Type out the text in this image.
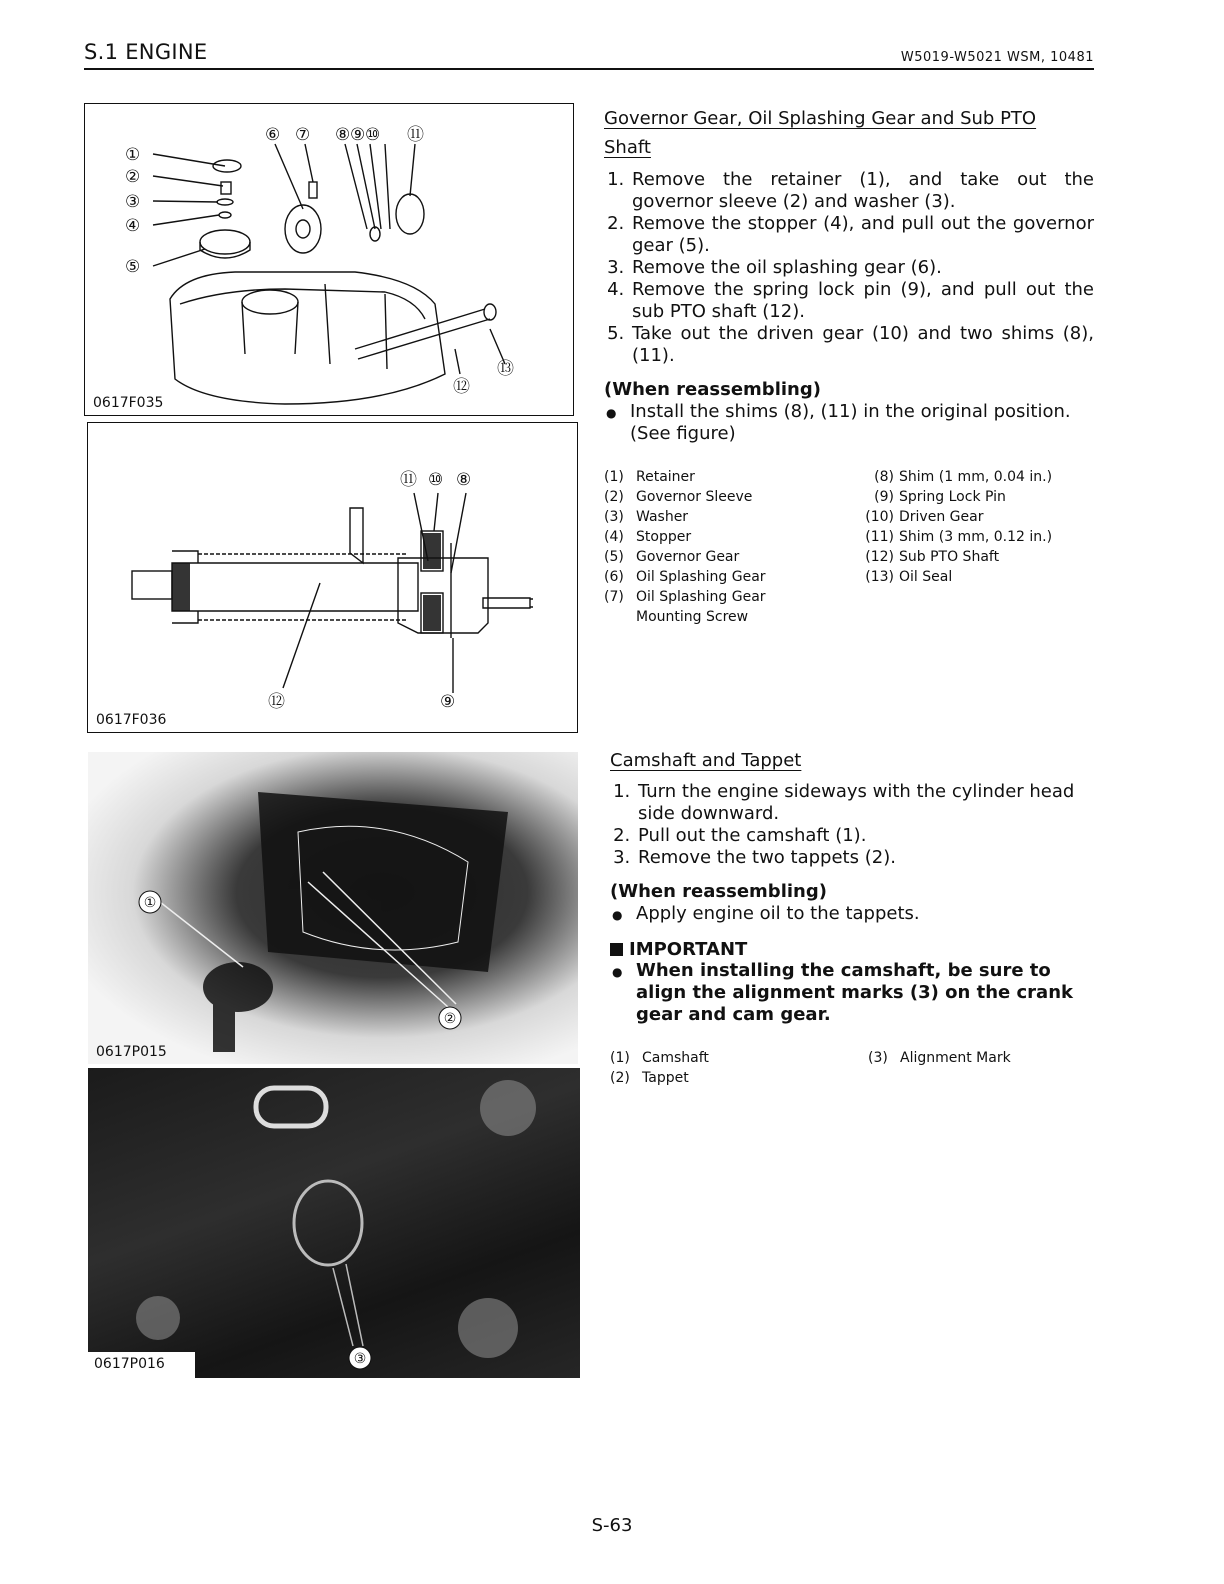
S.1 ENGINE	W5019-W5021 WSM, 10481
①
②
③
④
⑤
⑥ ⑦ ⑧ ⑨ ⑩ ⑪
⑫
⑬
0617F035
⑪ ⑩ ⑧
⑫	⑨
0617F036
①
②
0617P015
③
0617P016
Governor Gear, Oil Splashing Gear and Sub PTO
Shaft
1. Remove the retainer (1), and take out the governor sleeve (2) and washer (3).
2. Remove the stopper (4), and pull out the governor gear (5).
3. Remove the oil splashing gear (6).
4. Remove the spring lock pin (9), and pull out the sub PTO shaft (12).
5. Take out the driven gear (10) and two shims (8), (11).
(When reassembling)
● Install the shims (8), (11) in the original position. (See figure)
(1) Retainer
(2) Governor Sleeve
(3) Washer
(4) Stopper
(5) Governor Gear
(6) Oil Splashing Gear
(7) Oil Splashing Gear
Mounting Screw
(8) Shim (1 mm, 0.04 in.)
(9) Spring Lock Pin
(10) Driven Gear
(11) Shim (3 mm, 0.12 in.)
(12) Sub PTO Shaft
(13) Oil Seal
Camshaft and Tappet
1. Turn the engine sideways with the cylinder head side downward.
2. Pull out the camshaft (1).
3. Remove the two tappets (2).
(When reassembling)
● Apply engine oil to the tappets.
IMPORTANT
● When installing the camshaft, be sure to align the alignment marks (3) on the crank gear and cam gear.
(1) Camshaft
(2) Tappet
(3) Alignment Mark
S-63
